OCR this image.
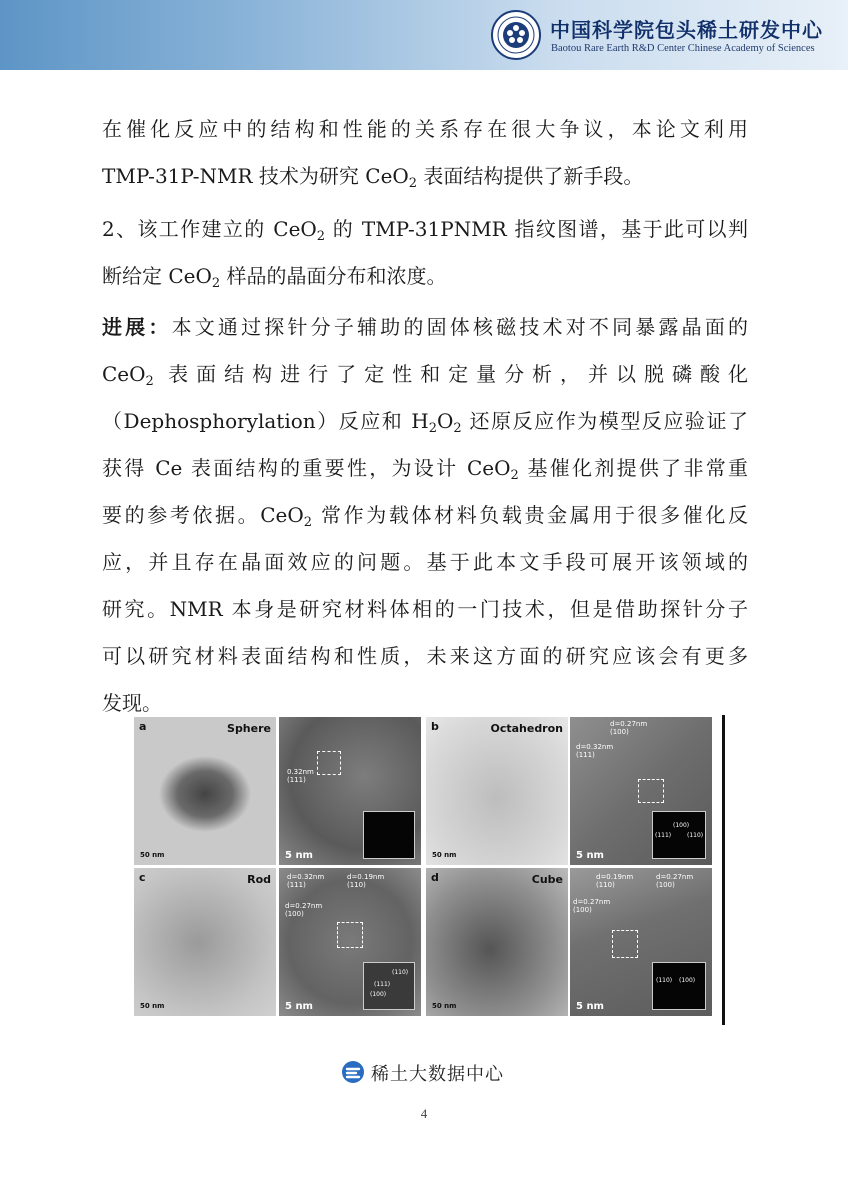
中国科学院包头稀土研发中心
Baotou Rare Earth R&D Center Chinese Academy of Sciences
在催化反应中的结构和性能的关系存在很大争议，本论文利用
TMP-31P-NMR 技术为研究 CeO$_2$ 表面结构提供了新手段。
2、该工作建立的 CeO$_2$ 的 TMP-31PNMR 指纹图谱，基于此可以判
断给定 CeO$_2$ 样品的晶面分布和浓度。
进展：本文通过探针分子辅助的固体核磁技术对不同暴露晶面的
CeO$_2$ 表面结构进行了定性和定量分析，并以脱磷酸化
（Dephosphorylation）反应和 $H_2O_2$ 还原反应作为模型反应验证了
获得 Ce 表面结构的重要性，为设计 CeO$_2$ 基催化剂提供了非常重
要的参考依据。CeO$_2$ 常作为载体材料负载贵金属用于很多催化反
应，并且存在晶面效应的问题。基于此本文手段可展开该领域的
研究。NMR 本身是研究材料体相的一门技术，但是借助探针分子
可以研究材料表面结构和性质，未来这方面的研究应该会有更多
发现。
a	Sphere
50 nm
0.32nm
(111)
5 nm
b	Octahedron
50 nm
d=0.27nm
(100)
d=0.32nm
(111)
(100)
(111)	(110)
5 nm
c	Rod
50 nm
d=0.32nm
(111)
d=0.19nm
(110)
d=0.27nm
(100)
(110)
(111)
(100)
5 nm
d	Cube
50 nm
d=0.19nm
(110)
d=0.27nm
(100)
d=0.27nm
(100)
(110) (100)
5 nm
稀土大数据中心
4
